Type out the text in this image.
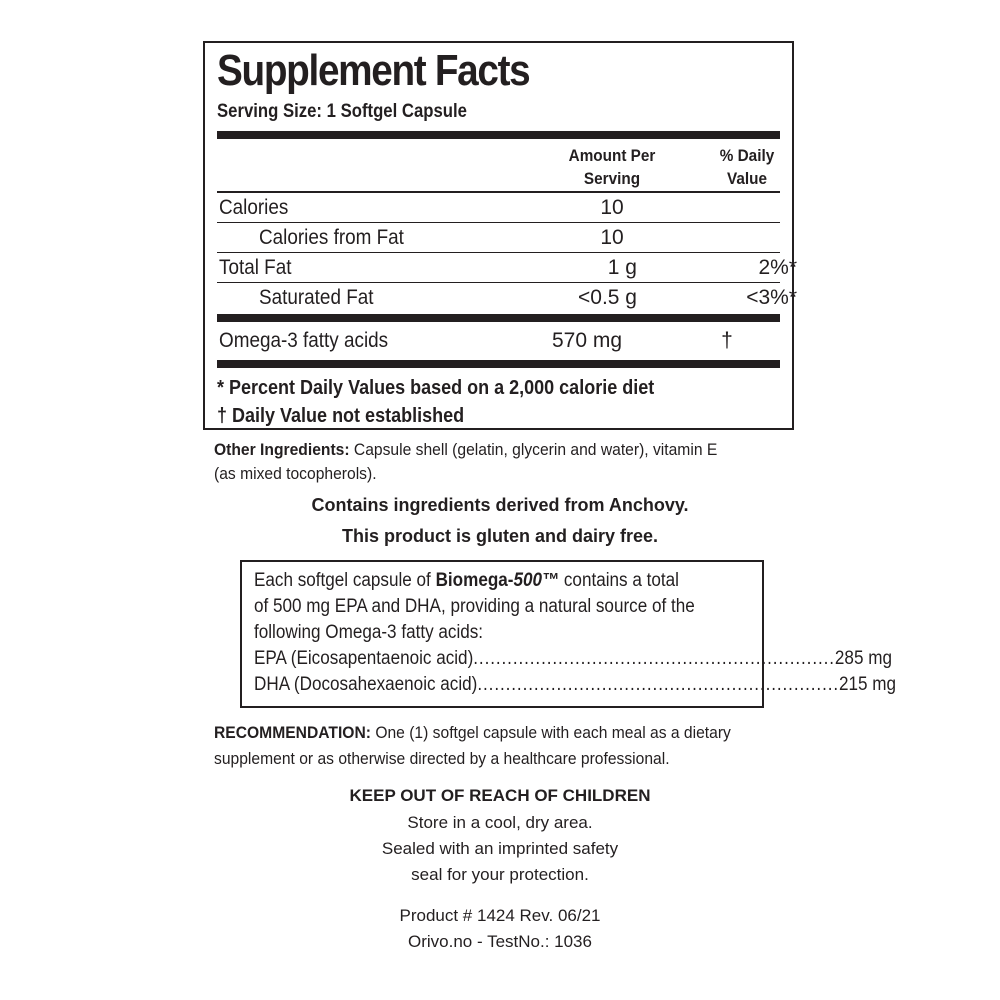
Supplement Facts
Serving Size: 1 Softgel Capsule
Amount Per Serving
% Daily Value
Calories	10
Calories from Fat	10
Total Fat	1 g	2%*
Saturated Fat	<0.5 g	<3%*
Omega-3 fatty acids	570 mg	†
* Percent Daily Values based on a 2,000 calorie diet
† Daily Value not established
Other Ingredients: Capsule shell (gelatin, glycerin and water), vitamin E
(as mixed tocopherols).
Contains ingredients derived from Anchovy.
This product is gluten and dairy free.
Each softgel capsule of Biomega-500™ contains a total
of 500 mg EPA and DHA, providing a natural source of the
following Omega-3 fatty acids:
EPA (Eicosapentaenoic acid) ................................................................ 285 mg
DHA (Docosahexaenoic acid) ................................................................ 215 mg
RECOMMENDATION: One (1) softgel capsule with each meal as a dietary
supplement or as otherwise directed by a healthcare professional.
KEEP OUT OF REACH OF CHILDREN
Store in a cool, dry area.
Sealed with an imprinted safety
seal for your protection.
Product # 1424 Rev. 06/21
Orivo.no - TestNo.: 1036
